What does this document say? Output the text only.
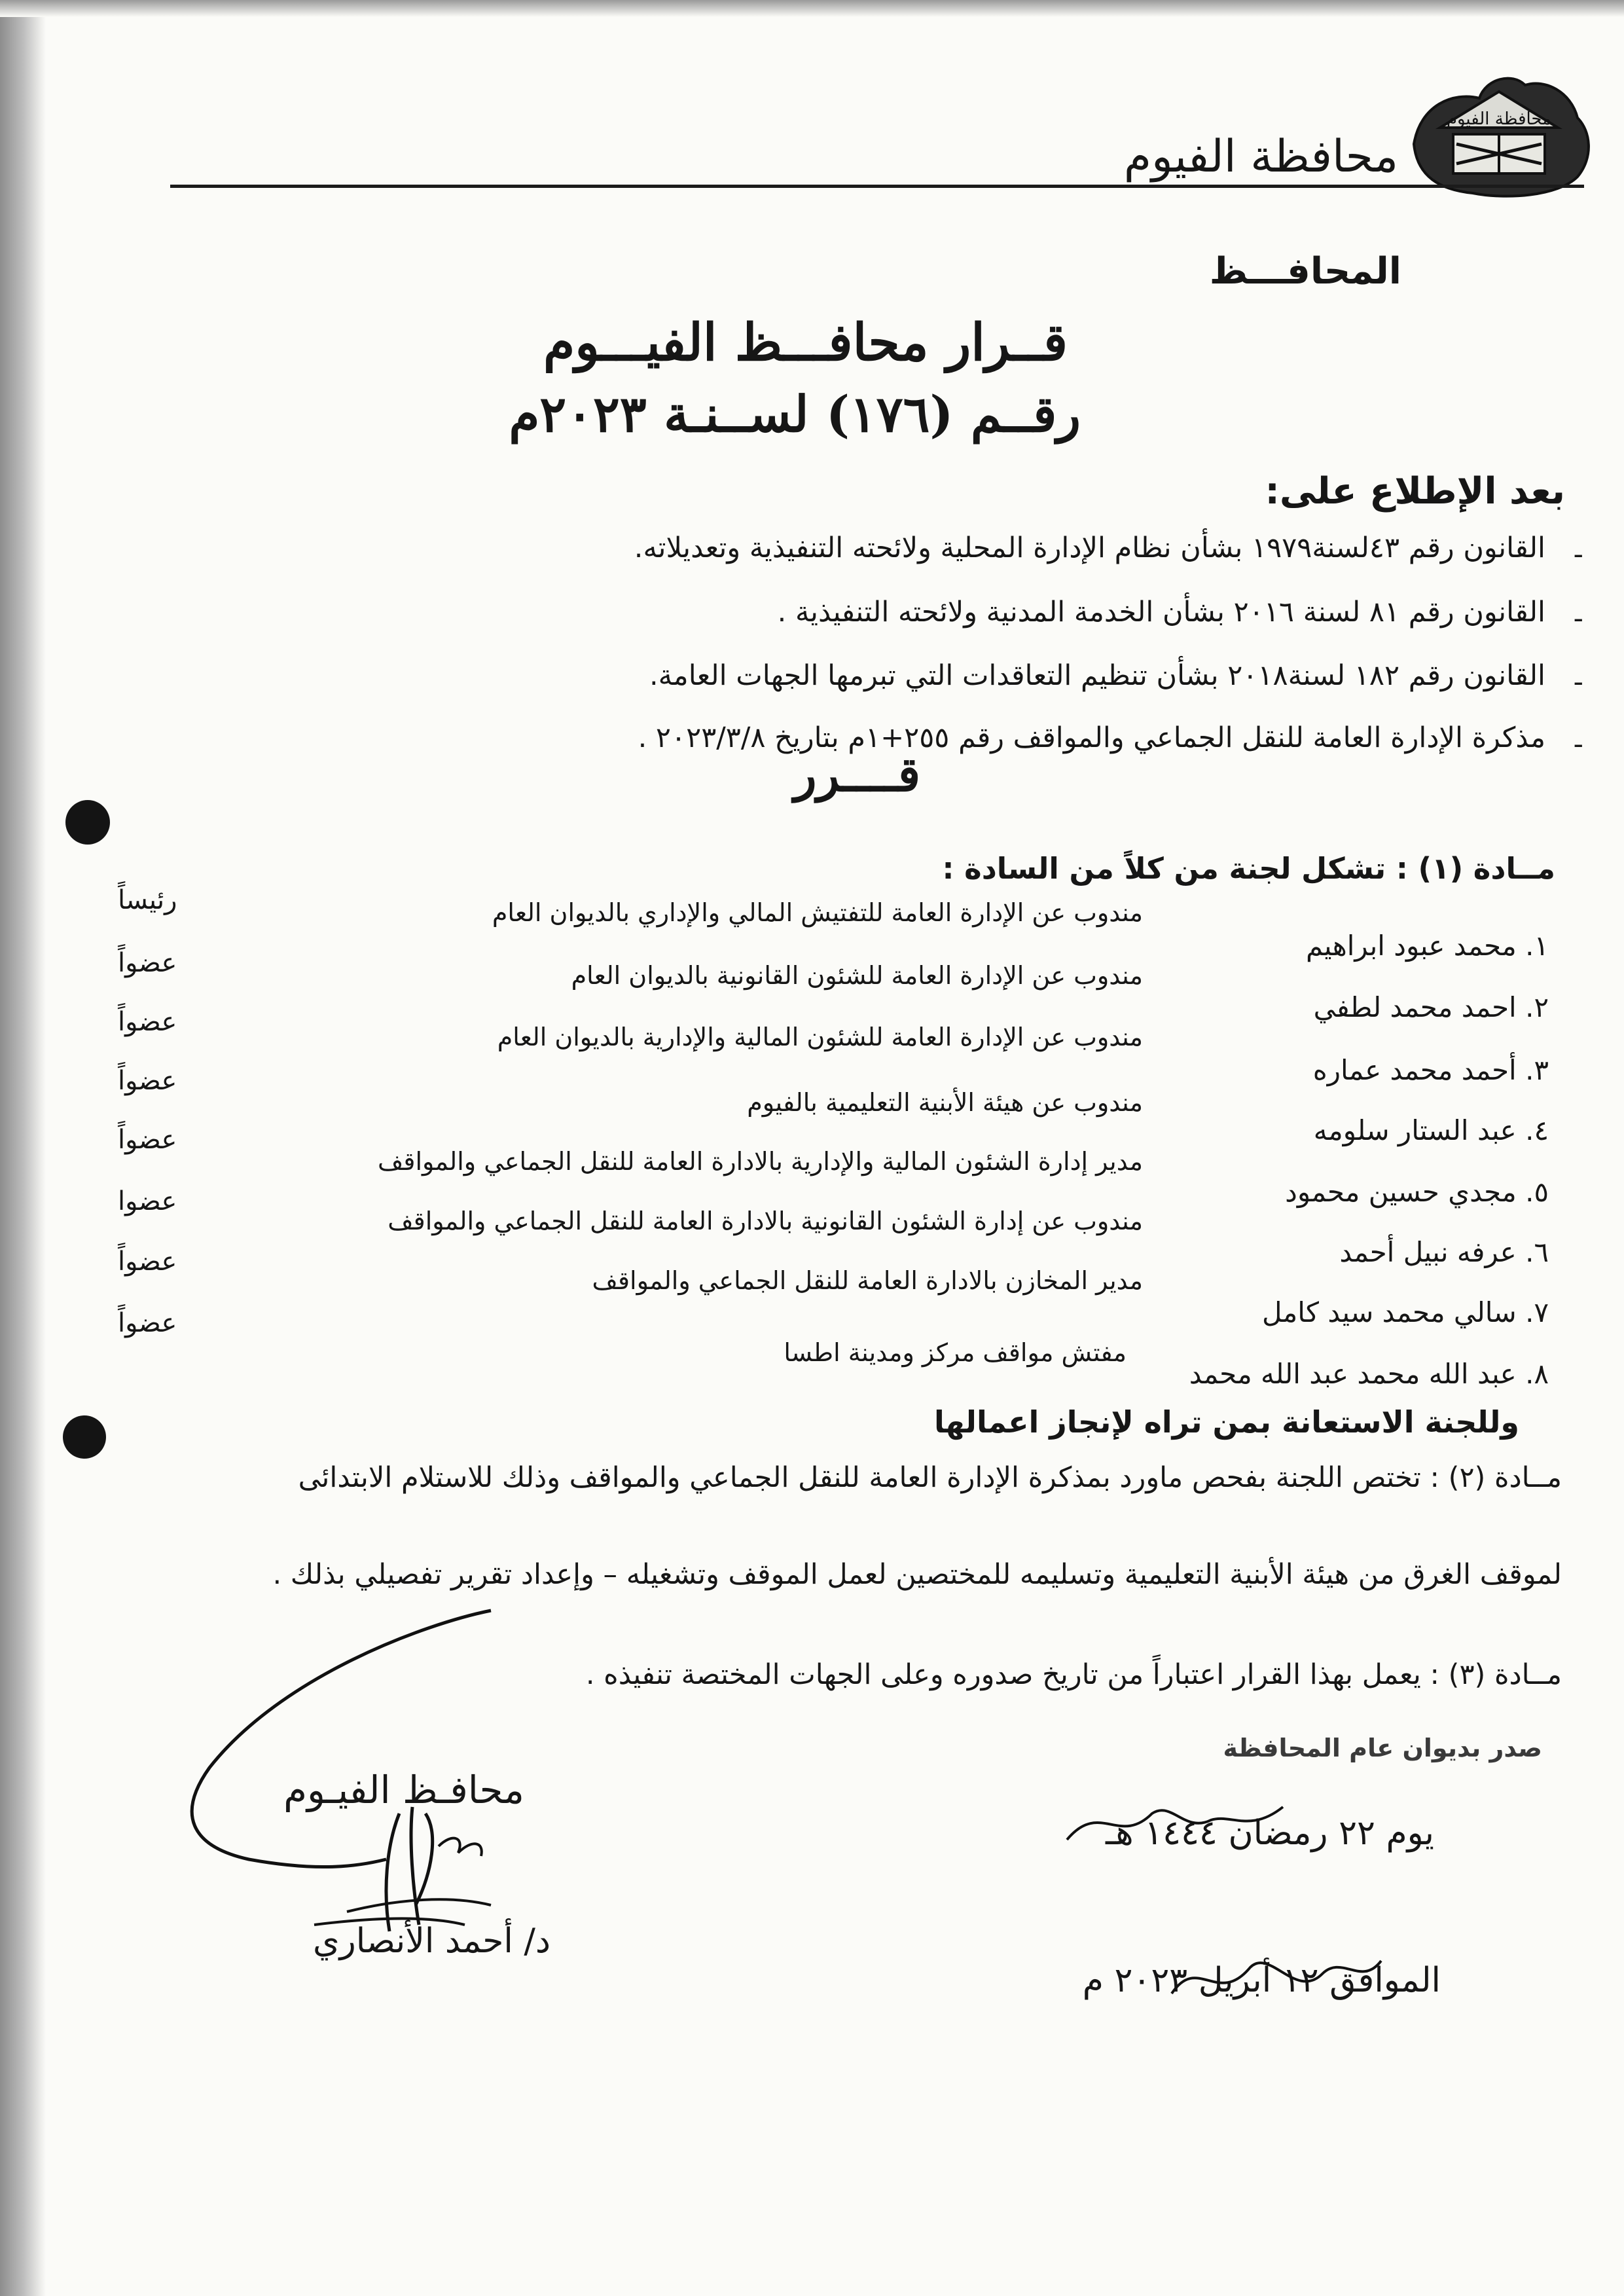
محافظة الفيوم
محافظة الفيوم
المحافـــظ
قــرار محافـــظ الفيـــوم
رقــم (١٧٦) لســنـة ٢٠٢٣م
بعد الإطلاع على:
-
القانون رقم ٤٣لسنة١٩٧٩ بشأن نظام الإدارة المحلية ولائحته التنفيذية وتعديلاته.
-
القانون رقم ٨١ لسنة ٢٠١٦ بشأن الخدمة المدنية ولائحته التنفيذية .
-
القانون رقم ١٨٢ لسنة٢٠١٨ بشأن تنظيم التعاقدات التي تبرمها الجهات العامة.
-
مذكرة الإدارة العامة للنقل الجماعي والمواقف رقم ٢٥٥+١م بتاريخ ٢٠٢٣/٣/٨ .
قــــرر
مــادة (١) : تشكل لجنة من كلاً من السادة :
١. محمد عبود ابراهيم
مندوب عن الإدارة العامة للتفتيش المالي والإداري بالديوان العام
رئيساً
٢. احمد محمد لطفي
مندوب عن الإدارة العامة للشئون القانونية بالديوان العام
عضواً
٣. أحمد محمد عماره
مندوب عن الإدارة العامة للشئون المالية والإدارية بالديوان العام
عضواً
٤. عبد الستار سلومه
مندوب عن هيئة الأبنية التعليمية بالفيوم
عضواً
٥. مجدي حسين محمود
مدير إدارة الشئون المالية والإدارية بالادارة العامة للنقل الجماعي والمواقف
عضواً
٦. عرفه نبيل أحمد
مندوب عن إدارة الشئون القانونية بالادارة العامة للنقل الجماعي والمواقف
عضوا
٧. سالي محمد سيد كامل
مدير المخازن بالادارة العامة للنقل الجماعي والمواقف
عضواً
٨. عبد الله محمد عبد الله محمد
مفتش مواقف مركز ومدينة اطسا
عضواً
وللجنة الاستعانة بمن تراه لإنجاز اعمالها
مــادة (٢) : تختص اللجنة بفحص ماورد بمذكرة الإدارة العامة للنقل الجماعي والمواقف وذلك للاستلام الابتدائى
لموقف الغرق من هيئة الأبنية التعليمية وتسليمه للمختصين لعمل الموقف وتشغيله – وإعداد تقرير تفصيلي بذلك .
مــادة (٣) : يعمل بهذا القرار اعتباراً من تاريخ صدوره وعلى الجهات المختصة تنفيذه .
صدر بديوان عام المحافظة
يوم ٢٢ رمضان ١٤٤٤ هـ
الموافق ١٢ أبريل ٢٠٢٣ م
محافـظ الفيـوم
د/ أحمد الأنصاري
